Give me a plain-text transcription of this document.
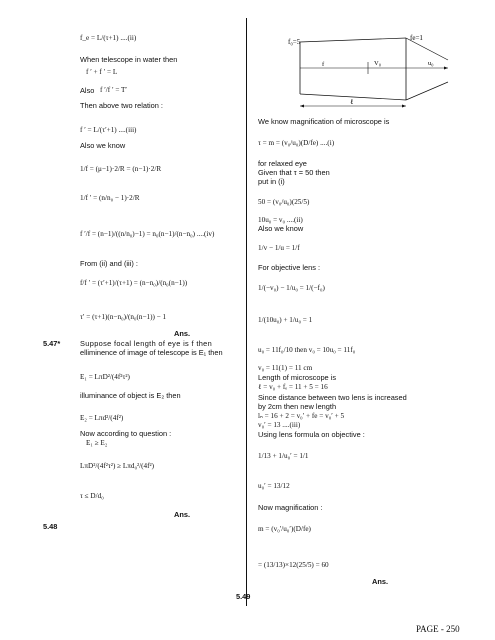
f_e = L/(τ+1) ....(ii)
When telescope in water then
f ′ + f ′ = L
Also f ′/f ′ = T′
Then above two relation :
f ′ = L/(τ′+1) ....(iii)
Also we know
1/f = (μ−1)·2/R = (n−1)·2/R
1/f ′ = (n/n₀ − 1)·2/R
f ′/f = (n−1)/((n/n₀)−1) = n₀(n−1)/(n−n₀) ....(iv)
From (ii) and (iii) :
f/f ′ = (τ′+1)/(τ+1) = (n−n₀)/(n₀(n−1))
τ′ = (τ+1)(n−n₀)/(n₀(n−1)) − 1
Ans.
5.47*	Suppose focal length of eye is f then
elliminence of image of telescope is E₁ then
E₁ = LπD²/(4f²τ²)
illuminance of object is E₂ then
E₂ = Lπd²/(4f²)
Now according to question :
E₁ ≥ E₂
LπD²/(4f²τ²) ≥ Lπd₀²/(4f²)
τ ≤ D/d₀
Ans.
5.48
f₀=5	fe=1
f	V₀	u₀
ℓ
We know magnification of microscope is
τ = m = (v₀/u₀)(D/fe) ....(i)
for relaxed eye
Given that τ = 50 then
put in (i)
50 = (v₀/u₀)(25/5)
10u₀ = v₀ ....(ii)
Also we know
1/v − 1/u = 1/f
For objective lens :
1/(−v₀) − 1/u₀ = 1/(−f₀)
1/(10u₀) + 1/u₀ = 1
u₀ = 11f₀/10 then v₀ = 10u₀ = 11f₀
v₀ = 11(1) = 11 cm
Length of microscope is
ℓ = v₀ + fₑ = 11 + 5 = 16
Since distance between two lens is increased
by 2cm then new length
lₙ = 16 + 2 = v₀′ + fe = v₀′ + 5
v₀′ = 13 ....(iii)
Using lens formula on objective :
1/13 + 1/u₀′ = 1/1
u₀′ = 13/12
Now magnification :
m = (v₀′/u₀′)(D/fe)
= (13/13)×12(25/5) = 60
Ans.
5.49
PAGE - 250
